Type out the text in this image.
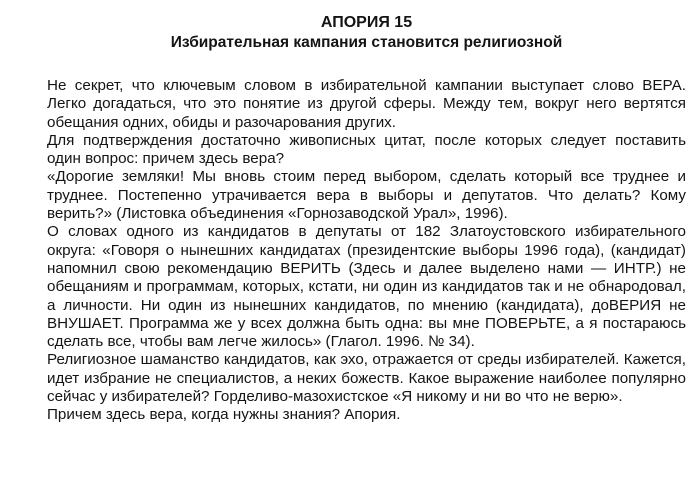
АПОРИЯ 15
Избирательная кампания становится религиозной

Не секрет, что ключевым словом в избирательной кампании выступает слово ВЕРА. Легко догадаться, что это понятие из другой сферы. Между тем, вокруг него вертятся обещания одних, обиды и разочарования других.

Для подтверждения достаточно живописных цитат, после которых следует поставить один вопрос: причем здесь вера?

«Дорогие земляки! Мы вновь стоим перед выбором, сделать который все труднее и труднее. Постепенно утрачивается вера в выборы и депутатов. Что делать? Кому верить?» (Листовка объединения «Горнозаводской Урал», 1996).

О словах одного из кандидатов в депутаты от 182 Златоустовского избирательного округа: «Говоря о нынешних кандидатах (президентские выборы 1996 года), (кандидат) напомнил свою рекомендацию ВЕРИТЬ (Здесь и далее выделено нами — ИНТР.) не обещаниям и программам, которых, кстати, ни один из кандидатов так и не обнародовал, а личности. Ни один из нынешних кандидатов, по мнению (кандидата), доВЕРИЯ не ВНУШАЕТ. Программа же у всех должна быть одна: вы мне ПОВЕРЬТЕ, а я постараюсь сделать все, чтобы вам легче жилось» (Глагол. 1996. № 34).

Религиозное шаманство кандидатов, как эхо, отражается от среды избирателей. Кажется, идет избрание не специалистов, а неких божеств. Какое выражение наиболее популярно сейчас у избирателей? Горделиво-мазохистское «Я никому и ни во что не верю».

Причем здесь вера, когда нужны знания? Апория.
